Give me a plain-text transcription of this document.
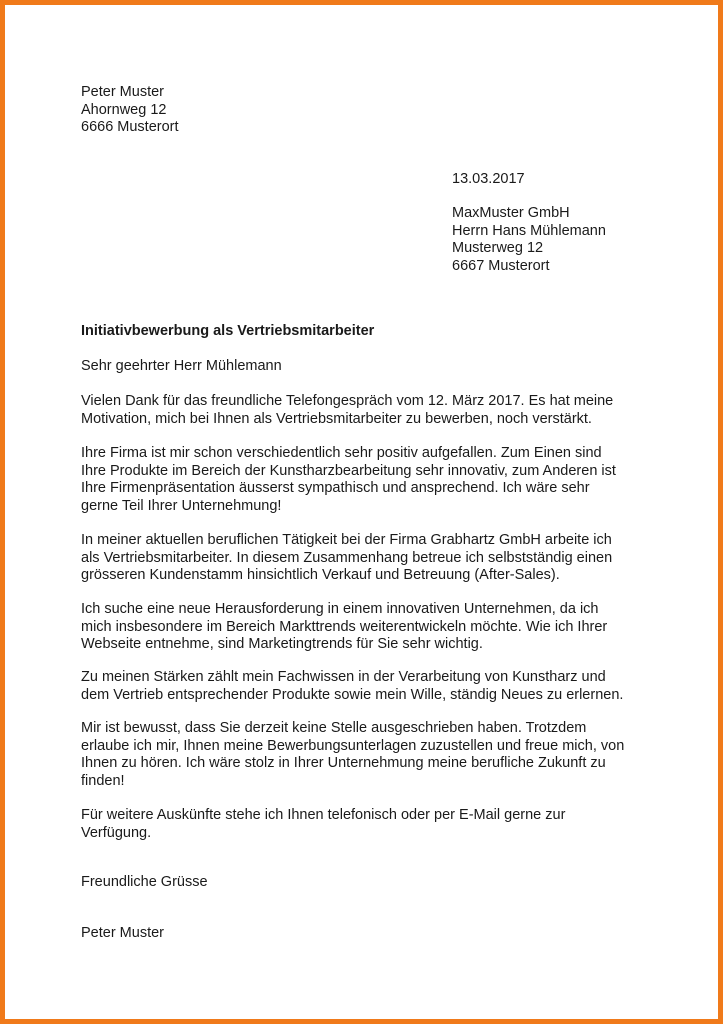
Peter Muster
Ahornweg 12
6666 Musterort
13.03.2017
MaxMuster GmbH
Herrn Hans Mühlemann
Musterweg 12
6667 Musterort
Initiativbewerbung als Vertriebsmitarbeiter
Sehr geehrter Herr Mühlemann
Vielen Dank für das freundliche Telefongespräch vom 12. März 2017. Es hat meine
Motivation, mich bei Ihnen als Vertriebsmitarbeiter zu bewerben, noch verstärkt.
Ihre Firma ist mir schon verschiedentlich sehr positiv aufgefallen. Zum Einen sind
Ihre Produkte im Bereich der Kunstharzbearbeitung sehr innovativ, zum Anderen ist
Ihre Firmenpräsentation äusserst sympathisch und ansprechend. Ich wäre sehr
gerne Teil Ihrer Unternehmung!
In meiner aktuellen beruflichen Tätigkeit bei der Firma Grabhartz GmbH arbeite ich
als Vertriebsmitarbeiter. In diesem Zusammenhang betreue ich selbstständig einen
grösseren Kundenstamm hinsichtlich Verkauf und Betreuung (After-Sales).
Ich suche eine neue Herausforderung in einem innovativen Unternehmen, da ich
mich insbesondere im Bereich Markttrends weiterentwickeln möchte. Wie ich Ihrer
Webseite entnehme, sind Marketingtrends für Sie sehr wichtig.
Zu meinen Stärken zählt mein Fachwissen in der Verarbeitung von Kunstharz und
dem Vertrieb entsprechender Produkte sowie mein Wille, ständig Neues zu erlernen.
Mir ist bewusst, dass Sie derzeit keine Stelle ausgeschrieben haben. Trotzdem
erlaube ich mir, Ihnen meine Bewerbungsunterlagen zuzustellen und freue mich, von
Ihnen zu hören. Ich wäre stolz in Ihrer Unternehmung meine berufliche Zukunft zu
finden!
Für weitere Auskünfte stehe ich Ihnen telefonisch oder per E-Mail gerne zur
Verfügung.
Freundliche Grüsse
Peter Muster
